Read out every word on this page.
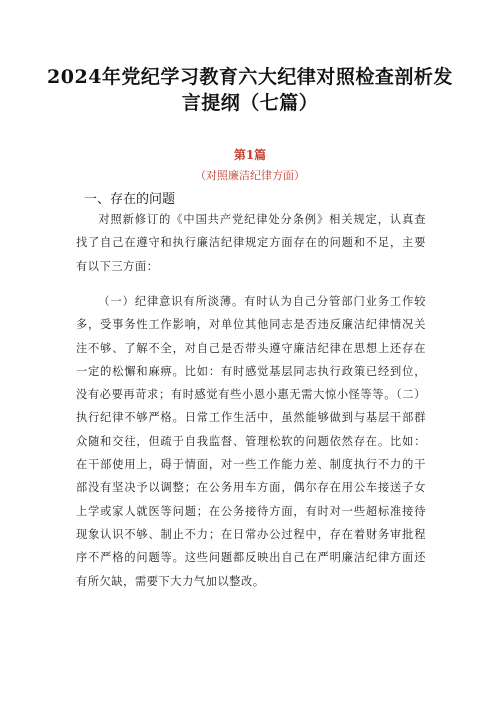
2024年党纪学习教育六大纪律对照检查剖析发言提纲（七篇）
第1篇
（对照廉洁纪律方面）
一、存在的问题

对照新修订的《中国共产党纪律处分条例》相关规定，认真查找了自己在遵守和执行廉洁纪律规定方面存在的问题和不足，主要有以下三方面：

（一）纪律意识有所淡薄。有时认为自己分管部门业务工作较多，受事务性工作影响，对单位其他同志是否违反廉洁纪律情况关注不够、了解不全，对自己是否带头遵守廉洁纪律在思想上还存在一定的松懈和麻痹。比如：有时感觉基层同志执行政策已经到位，没有必要再苛求；有时感觉有些小恩小惠无需大惊小怪等等。（二）执行纪律不够严格。日常工作生活中，虽然能够做到与基层干部群众随和交往，但疏于自我监督、管理松软的问题依然存在。比如：在干部使用上，碍于情面，对一些工作能力差、制度执行不力的干部没有坚决予以调整；在公务用车方面，偶尔存在用公车接送子女上学或家人就医等问题；在公务接待方面，有时对一些超标准接待现象认识不够、制止不力；在日常办公过程中，存在着财务审批程序不严格的问题等。这些问题都反映出自己在严明廉洁纪律方面还有所欠缺，需要下大力气加以整改。
